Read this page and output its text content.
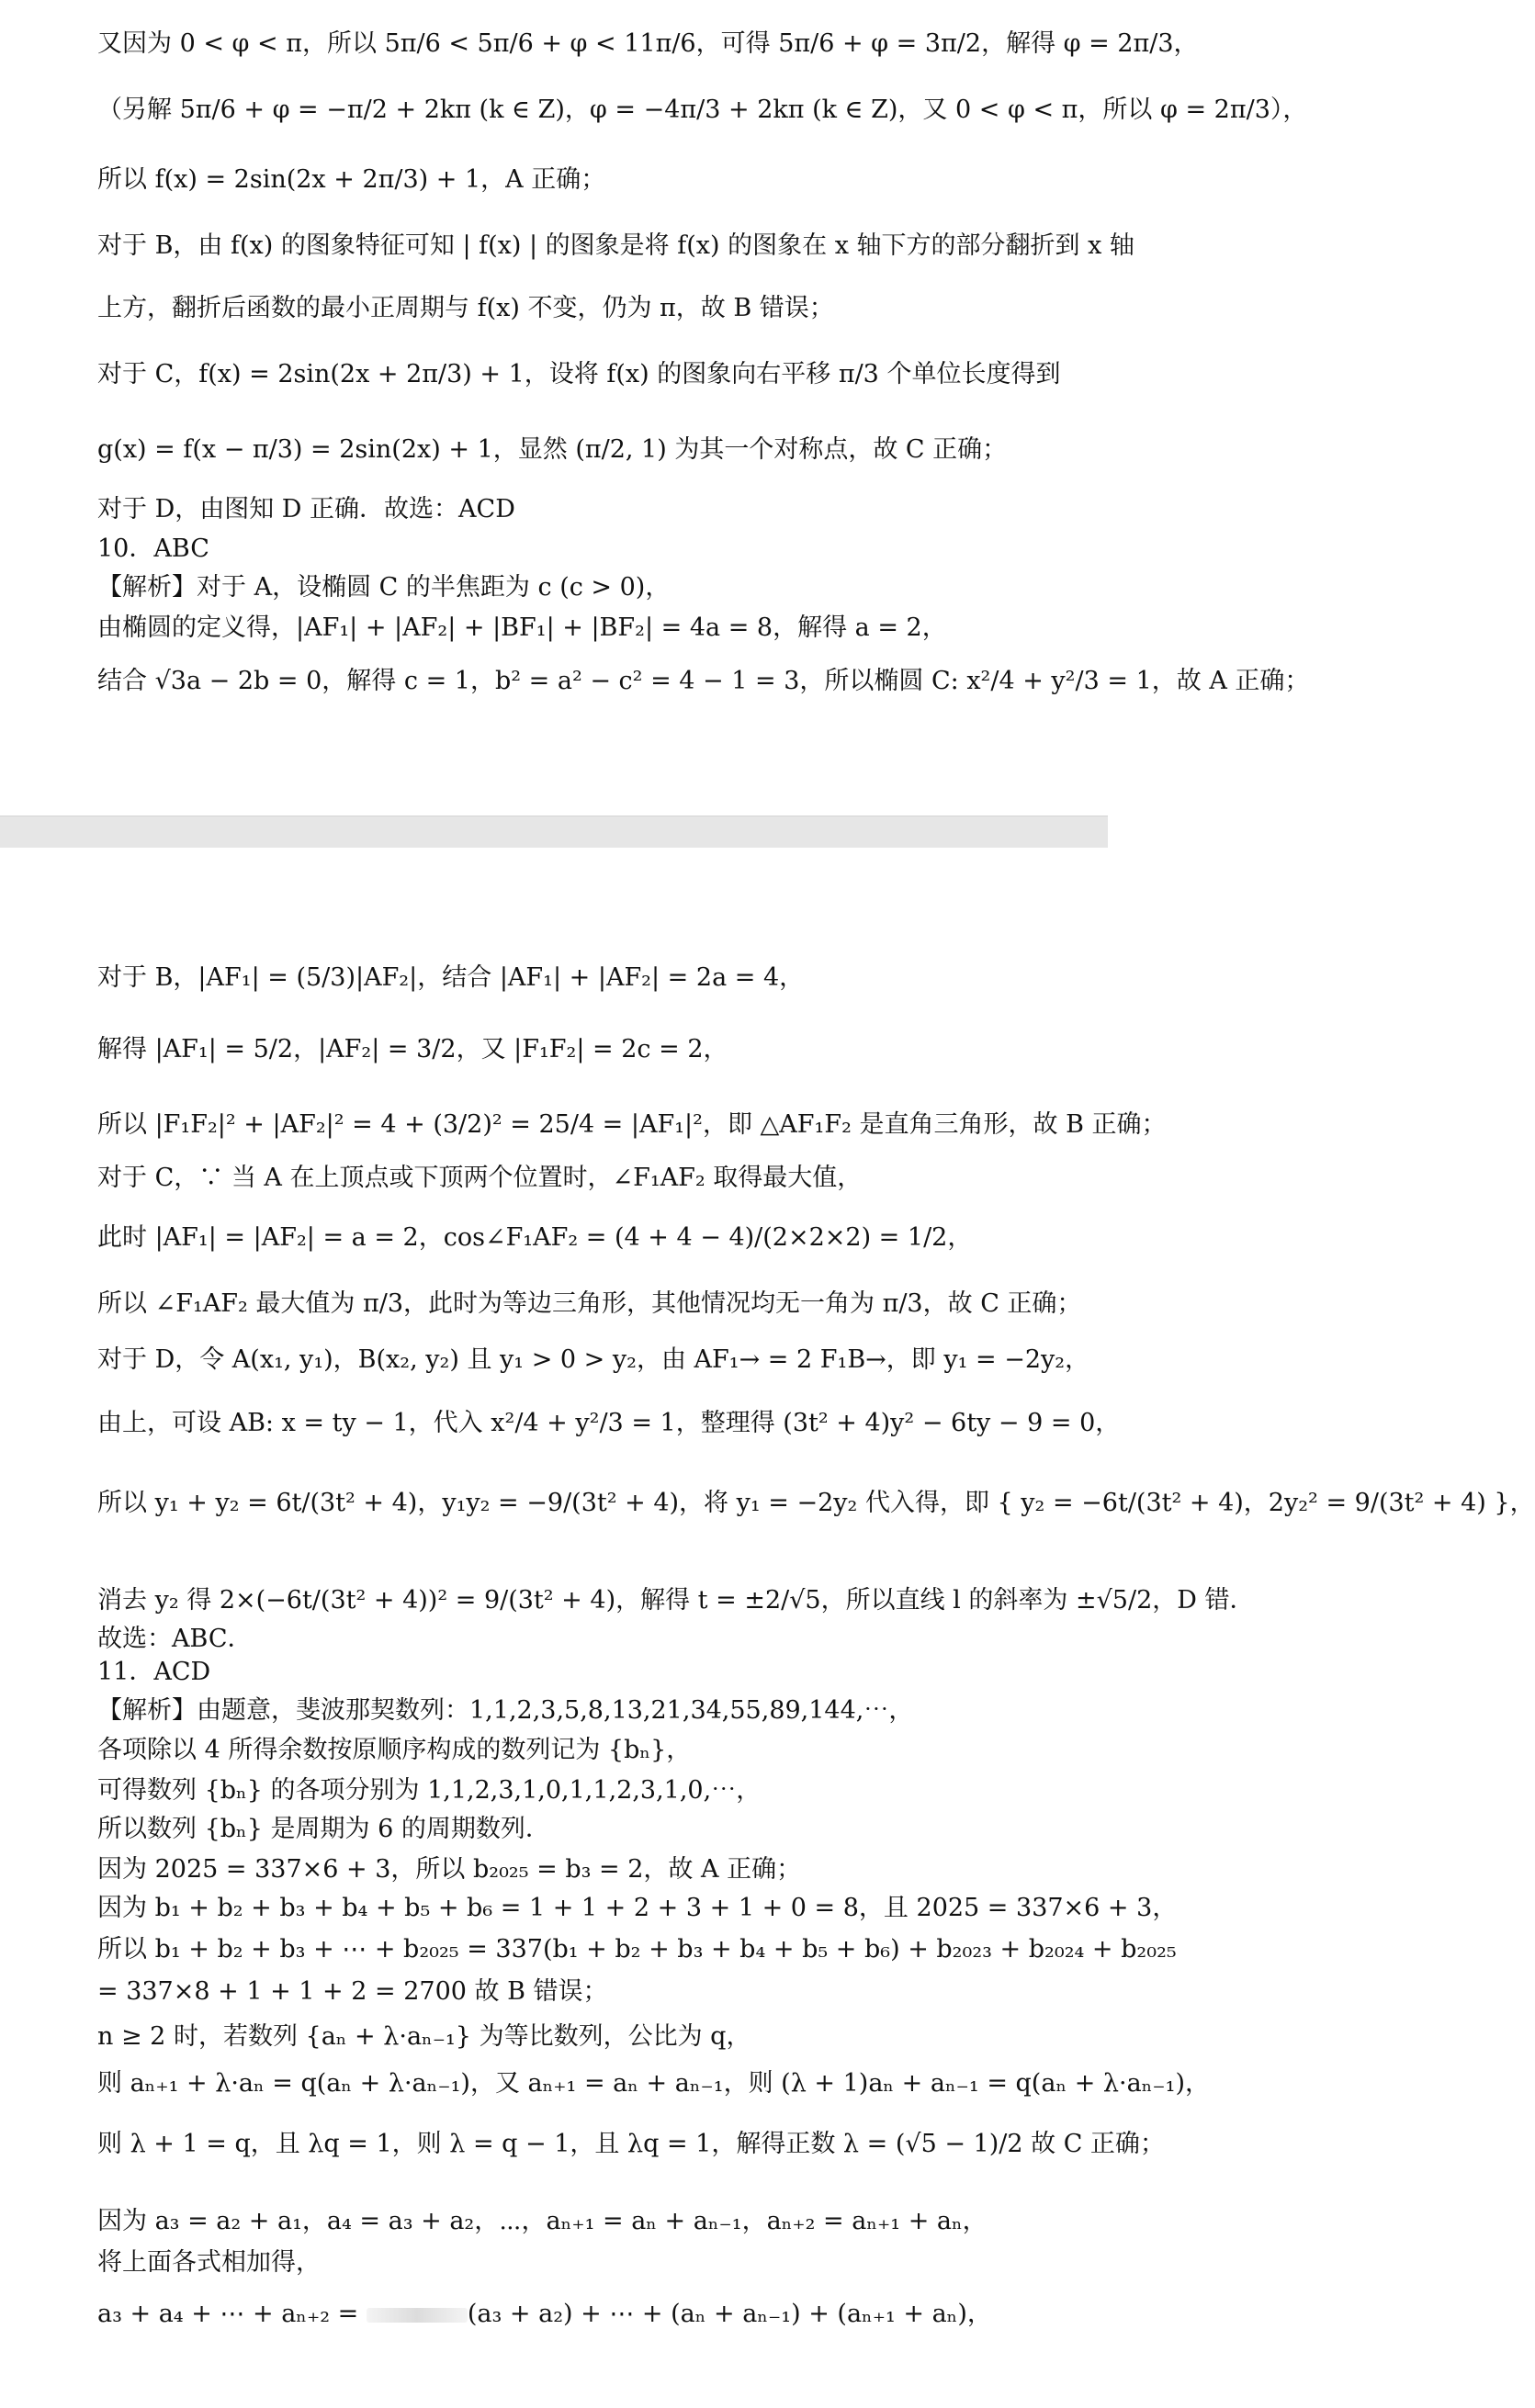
又因为 0 < φ < π，所以 5π/6 < 5π/6 + φ < 11π/6，可得 5π/6 + φ = 3π/2，解得 φ = 2π/3，
（另解 5π/6 + φ = −π/2 + 2kπ (k ∈ Z)，φ = −4π/3 + 2kπ (k ∈ Z)，又 0 < φ < π，所以 φ = 2π/3），
所以 f(x) = 2sin(2x + 2π/3) + 1，A 正确；
对于 B，由 f(x) 的图象特征可知 | f(x) | 的图象是将 f(x) 的图象在 x 轴下方的部分翻折到 x 轴
上方，翻折后函数的最小正周期与 f(x) 不变，仍为 π，故 B 错误；
对于 C，f(x) = 2sin(2x + 2π/3) + 1，设将 f(x) 的图象向右平移 π/3 个单位长度得到
g(x) = f(x − π/3) = 2sin(2x) + 1，显然 (π/2, 1) 为其一个对称点，故 C 正确；
对于 D，由图知 D 正确．故选：ACD
10．ABC
【解析】对于 A，设椭圆 C 的半焦距为 c (c > 0)，
由椭圆的定义得，|AF₁| + |AF₂| + |BF₁| + |BF₂| = 4a = 8，解得 a = 2，
结合 √3a − 2b = 0，解得 c = 1，b² = a² − c² = 4 − 1 = 3，所以椭圆 C: x²/4 + y²/3 = 1，故 A 正确；
对于 B，|AF₁| = (5/3)|AF₂|，结合 |AF₁| + |AF₂| = 2a = 4，
解得 |AF₁| = 5/2，|AF₂| = 3/2，又 |F₁F₂| = 2c = 2，
所以 |F₁F₂|² + |AF₂|² = 4 + (3/2)² = 25/4 = |AF₁|²，即 △AF₁F₂ 是直角三角形，故 B 正确；
对于 C，∵ 当 A 在上顶点或下顶两个位置时，∠F₁AF₂ 取得最大值，
此时 |AF₁| = |AF₂| = a = 2，cos∠F₁AF₂ = (4 + 4 − 4)/(2×2×2) = 1/2，
所以 ∠F₁AF₂ 最大值为 π/3，此时为等边三角形，其他情况均无一角为 π/3，故 C 正确；
对于 D，令 A(x₁, y₁)，B(x₂, y₂) 且 y₁ > 0 > y₂，由 AF₁→ = 2 F₁B→，即 y₁ = −2y₂，
由上，可设 AB: x = ty − 1，代入 x²/4 + y²/3 = 1，整理得 (3t² + 4)y² − 6ty − 9 = 0，
所以 y₁ + y₂ = 6t/(3t² + 4)，y₁y₂ = −9/(3t² + 4)，将 y₁ = −2y₂ 代入得，即 { y₂ = −6t/(3t² + 4)，2y₂² = 9/(3t² + 4) }，
消去 y₂ 得 2×(−6t/(3t² + 4))² = 9/(3t² + 4)，解得 t = ±2/√5，所以直线 l 的斜率为 ±√5/2，D 错．
故选：ABC．
11．ACD
【解析】由题意，斐波那契数列：1,1,2,3,5,8,13,21,34,55,89,144,⋯，
各项除以 4 所得余数按原顺序构成的数列记为 {bₙ}，
可得数列 {bₙ} 的各项分别为 1,1,2,3,1,0,1,1,2,3,1,0,⋯，
所以数列 {bₙ} 是周期为 6 的周期数列．
因为 2025 = 337×6 + 3，所以 b₂₀₂₅ = b₃ = 2，故 A 正确；
因为 b₁ + b₂ + b₃ + b₄ + b₅ + b₆ = 1 + 1 + 2 + 3 + 1 + 0 = 8，且 2025 = 337×6 + 3，
所以 b₁ + b₂ + b₃ + ⋯ + b₂₀₂₅ = 337(b₁ + b₂ + b₃ + b₄ + b₅ + b₆) + b₂₀₂₃ + b₂₀₂₄ + b₂₀₂₅
= 337×8 + 1 + 1 + 2 = 2700 故 B 错误；
n ≥ 2 时，若数列 {aₙ + λ·aₙ₋₁} 为等比数列，公比为 q，
则 aₙ₊₁ + λ·aₙ = q(aₙ + λ·aₙ₋₁)，又 aₙ₊₁ = aₙ + aₙ₋₁，则 (λ + 1)aₙ + aₙ₋₁ = q(aₙ + λ·aₙ₋₁)，
则 λ + 1 = q，且 λq = 1，则 λ = q − 1，且 λq = 1，解得正数 λ = (√5 − 1)/2 故 C 正确；
因为 a₃ = a₂ + a₁，a₄ = a₃ + a₂，⋯，aₙ₊₁ = aₙ + aₙ₋₁，aₙ₊₂ = aₙ₊₁ + aₙ，
将上面各式相加得，
a₃ + a₄ + ⋯ + aₙ₊₂ =	(a₃ + a₂) + ⋯ + (aₙ + aₙ₋₁) + (aₙ₊₁ + aₙ)，
